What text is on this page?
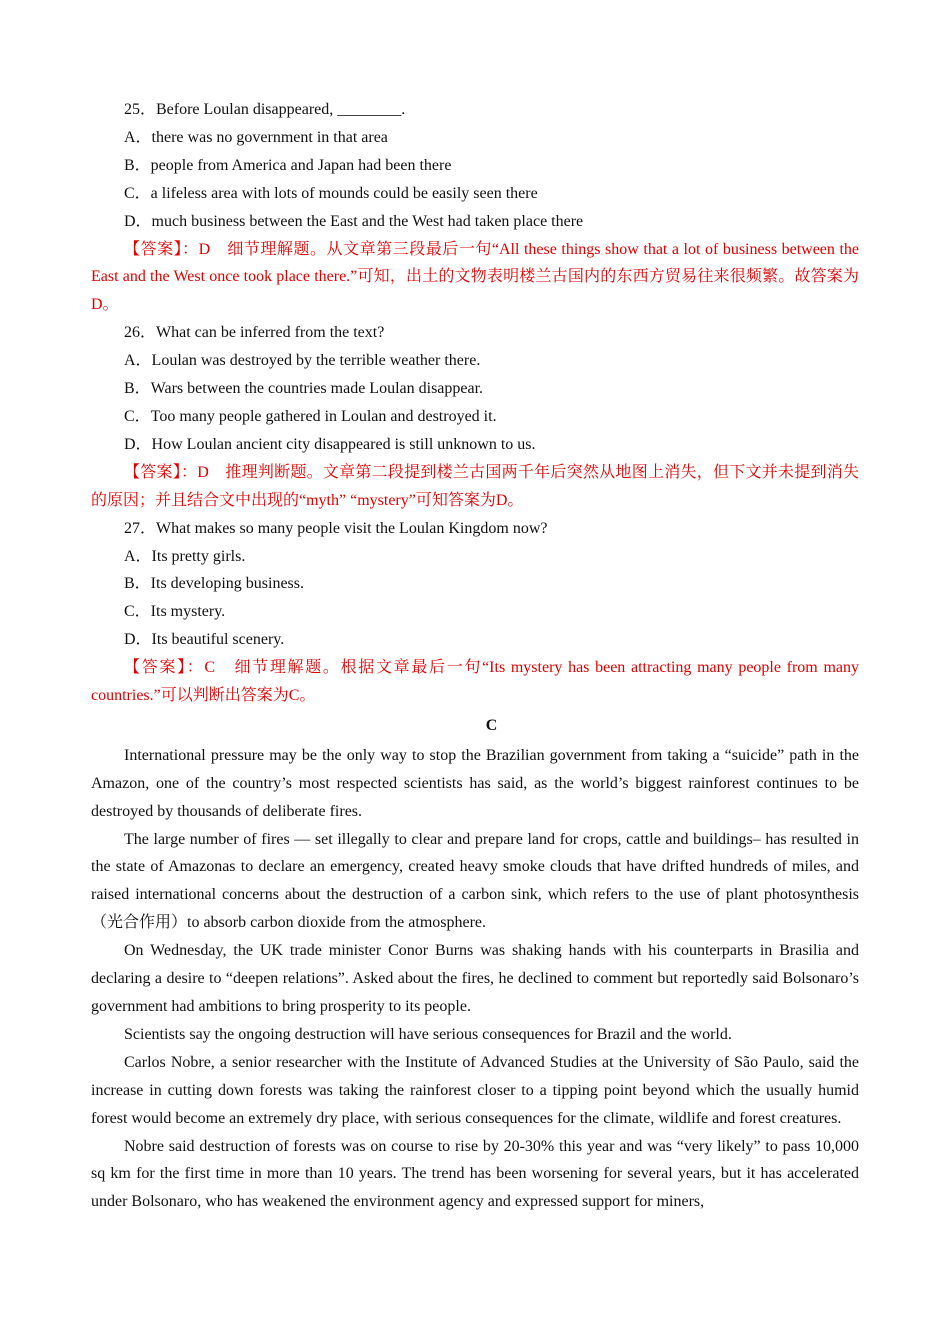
25．Before Loulan disappeared, ________.

A．there was no government in that area

B．people from America and Japan had been there

C．a lifeless area with lots of mounds could be easily seen there

D．much business between the East and the West had taken place there

【答案】：D　细节理解题。从文章第三段最后一句“All these things show that a lot of business between the East and the West once took place there.”可知，出土的文物表明楼兰古国内的东西方贸易往来很频繁。故答案为D。

26．What can be inferred from the text?

A．Loulan was destroyed by the terrible weather there.

B．Wars between the countries made Loulan disappear.

C．Too many people gathered in Loulan and destroyed it.

D．How Loulan ancient city disappeared is still unknown to us.

【答案】：D　推理判断题。文章第二段提到楼兰古国两千年后突然从地图上消失，但下文并未提到消失的原因；并且结合文中出现的“myth” “mystery”可知答案为D。

27．What makes so many people visit the Loulan Kingdom now?

A．Its pretty girls.

B．Its developing business.

C．Its mystery.

D．Its beautiful scenery.

【答案】：C　细节理解题。根据文章最后一句“Its mystery has been attracting many people from many countries.”可以判断出答案为C。

C

International pressure may be the only way to stop the Brazilian government from taking a “suicide” path in the Amazon, one of the country’s most respected scientists has said, as the world’s biggest rainforest continues to be destroyed by thousands of deliberate fires.

The large number of fires — set illegally to clear and prepare land for crops, cattle and buildings– has resulted in the state of Amazonas to declare an emergency, created heavy smoke clouds that have drifted hundreds of miles, and raised international concerns about the destruction of a carbon sink, which refers to the use of plant photosynthesis （光合作用）to absorb carbon dioxide from the atmosphere.

On Wednesday, the UK trade minister Conor Burns was shaking hands with his counterparts in Brasilia and declaring a desire to “deepen relations”. Asked about the fires, he declined to comment but reportedly said Bolsonaro’s government had ambitions to bring prosperity to its people.

Scientists say the ongoing destruction will have serious consequences for Brazil and the world.

Carlos Nobre, a senior researcher with the Institute of Advanced Studies at the University of São Paulo, said the increase in cutting down forests was taking the rainforest closer to a tipping point beyond which the usually humid forest would become an extremely dry place, with serious consequences for the climate, wildlife and forest creatures.

Nobre said destruction of forests was on course to rise by 20-30% this year and was “very likely” to pass 10,000 sq km for the first time in more than 10 years. The trend has been worsening for several years, but it has accelerated under Bolsonaro, who has weakened the environment agency and expressed support for miners,
